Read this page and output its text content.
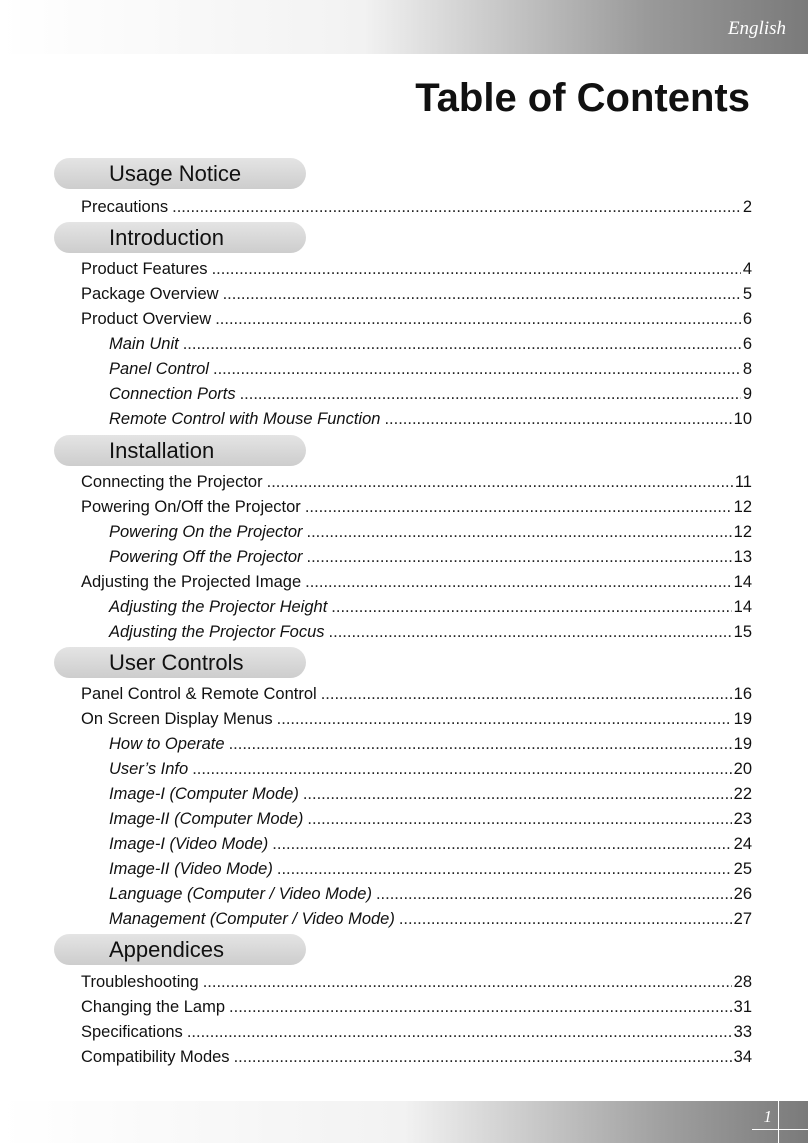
English
Table of Contents
Usage Notice
Precautions .....	2
Introduction
Product Features .....	4
Package Overview .....	5
Product Overview .....	6
Main Unit .....	6
Panel Control .....	8
Connection Ports .....	9
Remote Control with Mouse Function .....	10
Installation
Connecting the Projector .....	11
Powering On/Off the Projector .....	12
Powering On the Projector .....	12
Powering Off the Projector .....	13
Adjusting the Projected Image .....	14
Adjusting the Projector Height .....	14
Adjusting the Projector Focus .....	15
User Controls
Panel Control & Remote Control .....	16
On Screen Display Menus .....	19
How to Operate .....	19
User’s Info .....	20
Image-I (Computer Mode) .....	22
Image-II (Computer Mode) .....	23
Image-I (Video Mode) .....	24
Image-II (Video Mode) .....	25
Language (Computer / Video Mode) .....	26
Management (Computer / Video Mode) .....	27
Appendices
Troubleshooting .....	28
Changing the Lamp .....	31
Specifications .....	33
Compatibility Modes .....	34
1
